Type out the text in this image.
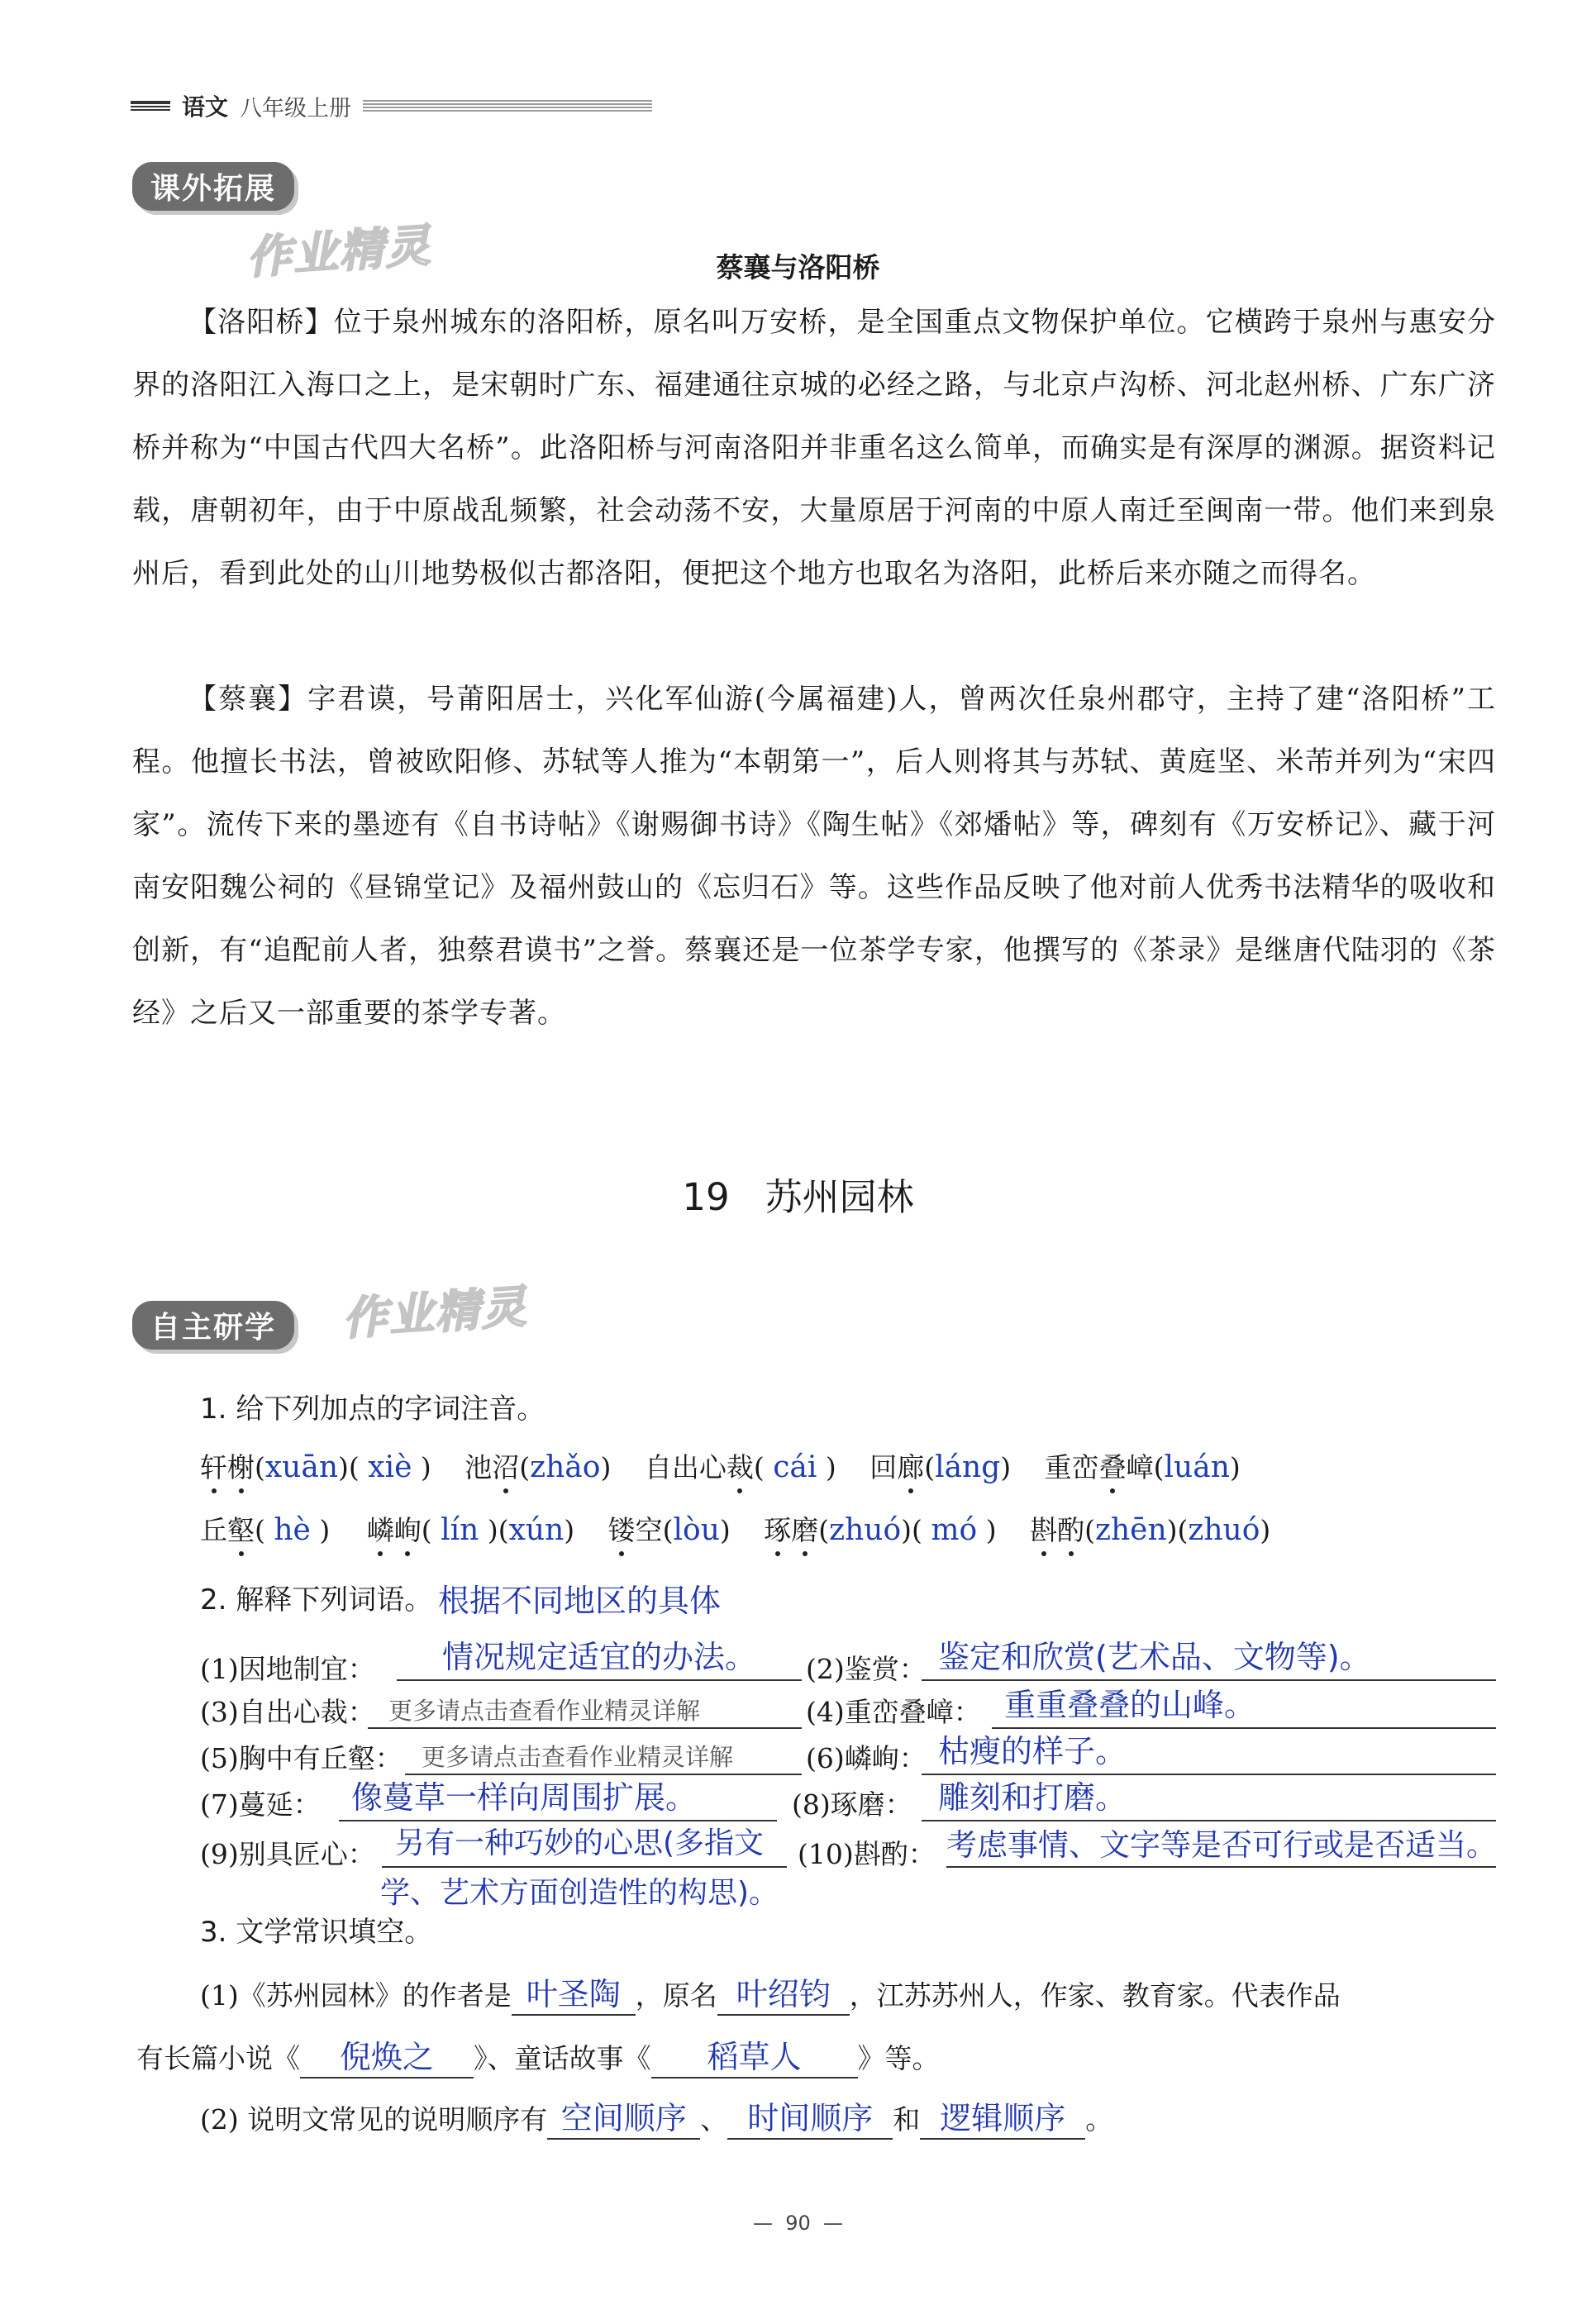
语文 八年级上册
课外拓展
作业精灵	蔡襄与洛阳桥
【洛阳桥】位于泉州城东的洛阳桥，原名叫万安桥，是全国重点文物保护单位。它横跨于泉州与惠安分界的洛阳江入海口之上，是宋朝时广东、福建通往京城的必经之路，与北京卢沟桥、河北赵州桥、广东广济桥并称为“中国古代四大名桥”。此洛阳桥与河南洛阳并非重名这么简单，而确实是有深厚的渊源。据资料记载，唐朝初年，由于中原战乱频繁，社会动荡不安，大量原居于河南的中原人南迁至闽南一带。他们来到泉州后，看到此处的山川地势极似古都洛阳，便把这个地方也取名为洛阳，此桥后来亦随之而得名。
【蔡襄】字君谟，号莆阳居士，兴化军仙游(今属福建)人，曾两次任泉州郡守，主持了建“洛阳桥”工程。他擅长书法，曾被欧阳修、苏轼等人推为“本朝第一”，后人则将其与苏轼、黄庭坚、米芾并列为“宋四家”。流传下来的墨迹有《自书诗帖》《谢赐御书诗》《陶生帖》《郊燔帖》等，碑刻有《万安桥记》、藏于河南安阳魏公祠的《昼锦堂记》及福州鼓山的《忘归石》等。这些作品反映了他对前人优秀书法精华的吸收和创新，有“追配前人者，独蔡君谟书”之誉。蔡襄还是一位茶学专家，他撰写的《茶录》是继唐代陆羽的《茶经》之后又一部重要的茶学专著。
19 苏州园林
自主研学	作业精灵
1. 给下列加点的字词注音。
轩榭(xuān)( xiè ) 池沼(zhǎo) 自出心裁( cái ) 回廊(láng) 重峦叠嶂(luán)
丘壑( hè ) 嶙峋( lín )(xún) 镂空(lòu) 琢磨(zhuó)( mó ) 斟酌(zhēn)(zhuó)
2. 解释下列词语。 根据不同地区的具体
(1)因地制宜： 情况规定适宜的办法。 (2)鉴赏： 鉴定和欣赏(艺术品、文物等)。
(3)自出心裁： 更多请点击查看作业精灵详解	(4)重峦叠嶂： 重重叠叠的山峰。
(5)胸中有丘壑： 更多请点击查看作业精灵详解	(6)嶙峋： 枯瘦的样子。
(7)蔓延： 像蔓草一样向周围扩展。	(8)琢磨： 雕刻和打磨。
(9)别具匠心： 另有一种巧妙的心思(多指文
学、艺术方面创造性的构思)。
(10)斟酌： 考虑事情、文字等是否可行或是否适当。
3. 文学常识填空。
(1)《苏州园林》的作者是 叶圣陶 ，原名 叶绍钧 ，江苏苏州人，作家、教育家。代表作品
有长篇小说《 倪焕之 》、童话故事《 稻草人 》等。
(2) 说明文常见的说明顺序有 空间顺序 、 时间顺序 和 逻辑顺序 。
—  90  —
